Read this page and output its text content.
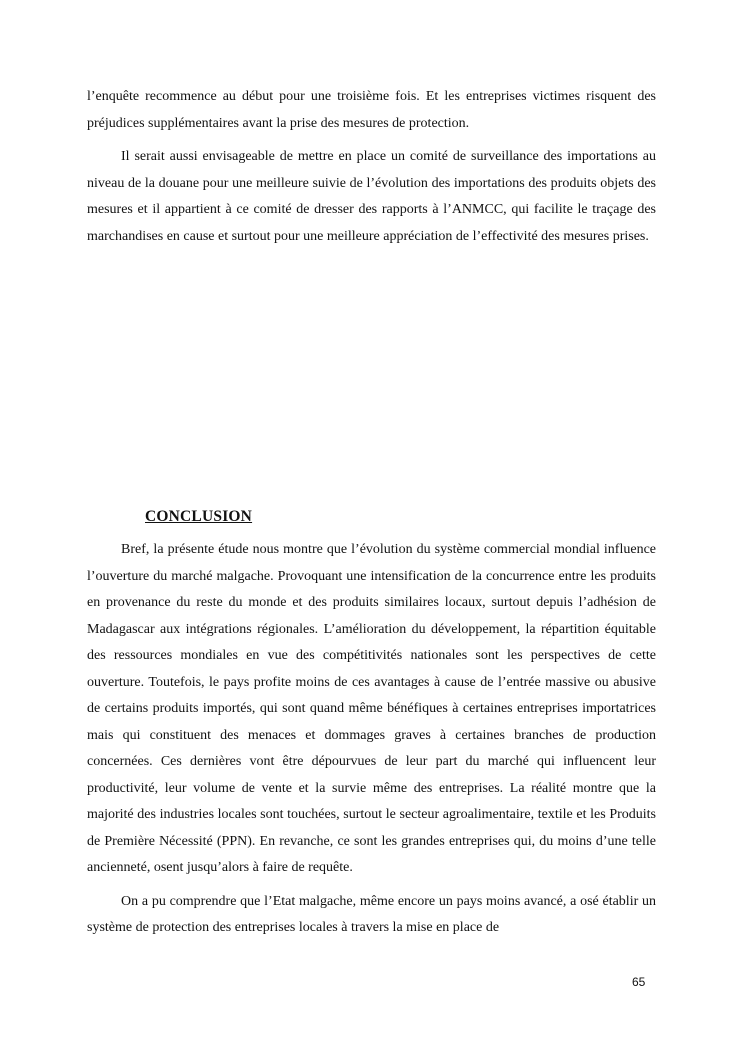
l’enquête recommence au début pour une troisième fois. Et les entreprises victimes risquent des préjudices supplémentaires avant la prise des mesures de protection.

Il serait aussi envisageable de mettre en place un comité de surveillance des importations au niveau de la douane pour une meilleure suivie de l’évolution des importations des produits objets des mesures et il appartient à ce comité de dresser des rapports à l’ANMCC, qui facilite le traçage des marchandises en cause et surtout pour une meilleure appréciation de l’effectivité des mesures prises.

CONCLUSION

Bref, la présente étude nous montre que l’évolution du système commercial mondial influence l’ouverture du marché malgache. Provoquant une intensification de la concurrence entre les produits en provenance du reste du monde et des produits similaires locaux, surtout depuis l’adhésion de Madagascar aux intégrations régionales. L’amélioration du développement, la répartition équitable des ressources mondiales en vue des compétitivités nationales sont les perspectives de cette ouverture. Toutefois, le pays profite moins de ces avantages à cause de l’entrée massive ou abusive de certains produits importés, qui sont quand même bénéfiques à certaines entreprises importatrices mais qui constituent des menaces et dommages graves à certaines branches de production concernées. Ces dernières vont être dépourvues de leur part du marché qui influencent leur productivité, leur volume de vente et la survie même des entreprises. La réalité montre que la majorité des industries locales sont touchées, surtout le secteur agroalimentaire, textile et les Produits de Première Nécessité (PPN). En revanche, ce sont les grandes entreprises qui, du moins d’une telle ancienneté, osent jusqu’alors à faire de requête.

On a pu comprendre que l’Etat malgache, même encore un pays moins avancé, a osé établir un système de protection des entreprises locales à travers la mise en place de

65
